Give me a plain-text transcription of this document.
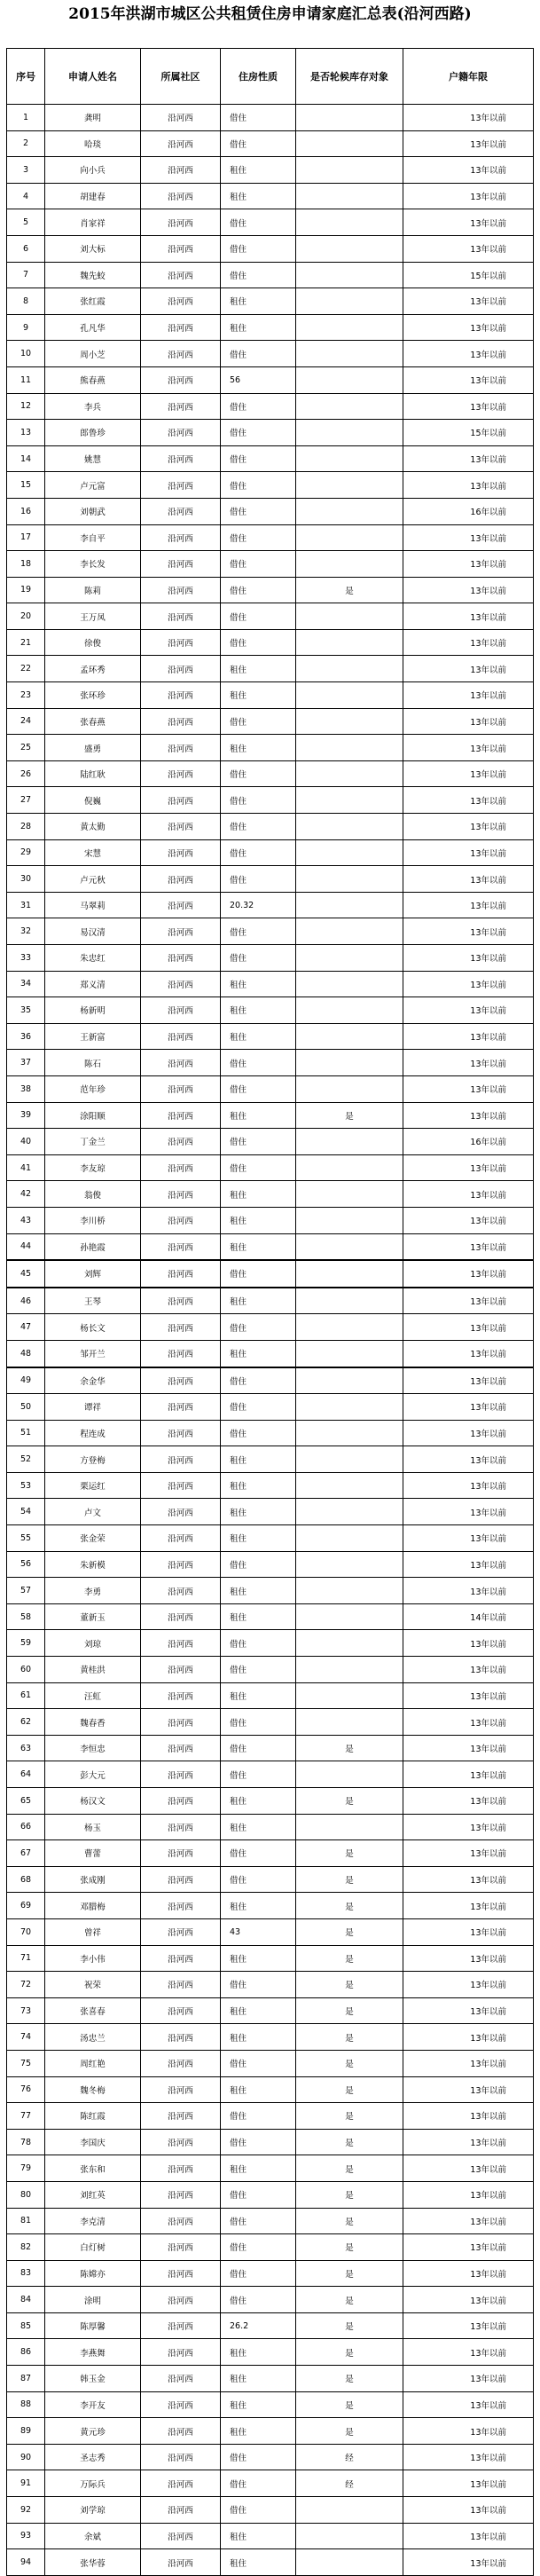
2015年洪湖市城区公共租赁住房申请家庭汇总表(沿河西路)
序号	申请人姓名	所属社区	住房性质	是否轮候库存对象	户籍年限
1	龚明	沿河西	借住		13年以前
2	哈琰	沿河西	借住		13年以前
3	向小兵	沿河西	租住		13年以前
4	胡建春	沿河西	租住		13年以前
5	肖家祥	沿河西	借住		13年以前
6	刘大标	沿河西	借住		13年以前
7	魏先蛟	沿河西	借住		15年以前
8	张红霞	沿河西	租住		13年以前
9	孔凡华	沿河西	租住		13年以前
10	周小芝	沿河西	借住		13年以前
11	熊春燕	沿河西	56		13年以前
12	李兵	沿河西	借住		13年以前
13	郎鲁珍	沿河西	借住		15年以前
14	姚慧	沿河西	借住		13年以前
15	卢元富	沿河西	借住		13年以前
16	刘朝武	沿河西	借住		16年以前
17	李自平	沿河西	借住		13年以前
18	李长发	沿河西	借住		13年以前
19	陈莉	沿河西	借住	是	13年以前
20	王万凤	沿河西	借住		13年以前
21	徐俊	沿河西	借住		13年以前
22	孟环秀	沿河西	租住		13年以前
23	张环珍	沿河西	租住		13年以前
24	张春燕	沿河西	借住		13年以前
25	盛勇	沿河西	租住		13年以前
26	陆红耿	沿河西	借住		13年以前
27	倪巍	沿河西	借住		13年以前
28	黄太勤	沿河西	借住		13年以前
29	宋慧	沿河西	借住		13年以前
30	卢元秋	沿河西	借住		13年以前
31	马翠莉	沿河西	20.32		13年以前
32	易汉清	沿河西	借住		13年以前
33	朱忠红	沿河西	借住		13年以前
34	郑义清	沿河西	租住		13年以前
35	杨新明	沿河西	租住		13年以前
36	王新富	沿河西	租住		13年以前
37	陈石	沿河西	借住		13年以前
38	范年珍	沿河西	借住		13年以前
39	涂阳顺	沿河西	租住	是	13年以前
40	丁金兰	沿河西	借住		16年以前
41	李友琼	沿河西	借住		13年以前
42	翁俊	沿河西	租住		13年以前
43	李川桥	沿河西	租住		13年以前
44	孙艳霞	沿河西	租住		13年以前
45	刘辉	沿河西	借住		13年以前
46	王琴	沿河西	租住		13年以前
47	杨长文	沿河西	借住		13年以前
48	邹开兰	沿河西	租住		13年以前
49	余金华	沿河西	借住		13年以前
50	谭祥	沿河西	借住		13年以前
51	程连成	沿河西	借住		13年以前
52	方登梅	沿河西	租住		13年以前
53	栗运红	沿河西	租住		13年以前
54	卢文	沿河西	租住		13年以前
55	张金荣	沿河西	租住		13年以前
56	朱新模	沿河西	借住		13年以前
57	李勇	沿河西	租住		13年以前
58	董新玉	沿河西	租住		14年以前
59	刘琼	沿河西	借住		13年以前
60	黄桂洪	沿河西	借住		13年以前
61	汪虹	沿河西	租住		13年以前
62	魏春香	沿河西	借住		13年以前
63	李恒忠	沿河西	借住	是	13年以前
64	彭大元	沿河西	借住		13年以前
65	杨汉文	沿河西	租住	是	13年以前
66	杨玉	沿河西	租住		13年以前
67	曹蕾	沿河西	借住	是	13年以前
68	张成刚	沿河西	借住	是	13年以前
69	邓腊梅	沿河西	租住	是	13年以前
70	曾祥	沿河西	43	是	13年以前
71	李小伟	沿河西	租住	是	13年以前
72	祝荣	沿河西	借住	是	13年以前
73	张喜春	沿河西	租住	是	13年以前
74	汤忠兰	沿河西	租住	是	13年以前
75	周红艳	沿河西	借住	是	13年以前
76	魏冬梅	沿河西	租住	是	13年以前
77	陈红霞	沿河西	借住	是	13年以前
78	李国庆	沿河西	借住	是	13年以前
79	张东和	沿河西	租住	是	13年以前
80	刘红英	沿河西	借住	是	13年以前
81	李克清	沿河西	借住	是	13年以前
82	白灯树	沿河西	借住	是	13年以前
83	陈嫦亦	沿河西	借住	是	13年以前
84	涂明	沿河西	借住	是	13年以前
85	陈厚馨	沿河西	26.2	是	13年以前
86	李燕舞	沿河西	租住	是	13年以前
87	韩玉金	沿河西	租住	是	13年以前
88	李开友	沿河西	租住	是	13年以前
89	黄元珍	沿河西	租住	是	13年以前
90	圣志秀	沿河西	借住	经	13年以前
91	万际兵	沿河西	借住	经	13年以前
92	刘学琼	沿河西	借住		13年以前
93	余斌	沿河西	租住		13年以前
94	张华蓉	沿河西	租住		13年以前
